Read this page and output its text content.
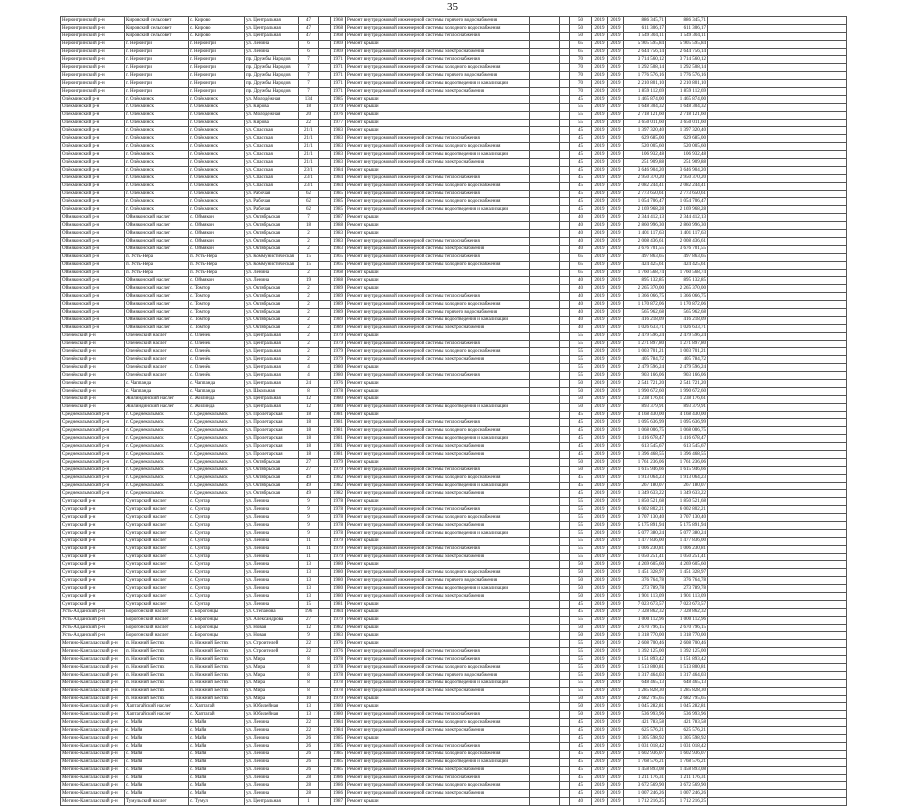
35
Нерюнгринский р-н	Кировский сельсовет	с. Кирово	ул. Центральная	47		1968	Ремонт внутридомовой инженерной системы горячего водоснабжения			50	2019	2019	886 345,71	886 345,71	
Нерюнгринский р-н	Кировский сельсовет	с. Кирово	ул. Центральная	47		1968	Ремонт внутридомовой инженерной системы холодного водоснабжения			50	2019	2019	611 306,17	611 306,17	
Нерюнгринский р-н	Кировский сельсовет	с. Кирово	ул. Центральная	47		1968	Ремонт внутридомовой инженерной системы теплоснабжения			50	2019	2019	1 549 304,11	1 549 304,11	
Нерюнгринский р-н	г. Нерюнгри	г. Нерюнгри	ул. Ленина	6		1969	Ремонт крыши			65	2019	2019	5 905 595,84	5 905 595,84	
Нерюнгринский р-н	г. Нерюнгри	г. Нерюнгри	ул. Ленина	6		1969	Ремонт внутридомовой инженерной системы электроснабжения			65	2019	2019	2 644 756,14	2 644 756,14	
Нерюнгринский р-н	г. Нерюнгри	г. Нерюнгри	пр. Дружбы Народов	7		1971	Ремонт внутридомовой инженерной системы теплоснабжения			70	2019	2019	3 714 560,12	3 714 560,12	
Нерюнгринский р-н	г. Нерюнгри	г. Нерюнгри	пр. Дружбы Народов	7		1971	Ремонт внутридомовой инженерной системы холодного водоснабжения			70	2019	2019	1 292 508,14	1 292 508,14	
Нерюнгринский р-н	г. Нерюнгри	г. Нерюнгри	пр. Дружбы Народов	7		1971	Ремонт внутридомовой инженерной системы горячего водоснабжения			70	2019	2019	1 776 576,16	1 776 576,16	
Нерюнгринский р-н	г. Нерюнгри	г. Нерюнгри	пр. Дружбы Народов	7		1971	Ремонт внутридомовой инженерной системы водоотведения и канализации			70	2019	2019	2 210 801,10	2 210 801,10	
Нерюнгринский р-н	г. Нерюнгри	г. Нерюнгри	пр. Дружбы Народов	7		1971	Ремонт внутридомовой инженерной системы электроснабжения			70	2019	2019	1 859 112,69	1 859 112,69	
Олёкминский р-н	г. Олёкминск	г. Олёкминск	ул. Молодёжная	134		1985	Ремонт крыши			45	2019	2019	1 465 874,00	1 465 874,00	
Олёкминский р-н	г. Олёкминск	г. Олёкминск	ул. Кирова	18		1979	Ремонт крыши			55	2019	2019	1 648 304,32	1 648 304,32	
Олёкминский р-н	г. Олёкминск	г. Олёкминск	ул. Молодёжная	20		1976	Ремонт крыши			55	2019	2019	2 718 121,60	2 718 121,60	
Олёкминский р-н	г. Олёкминск	г. Олёкминск	ул. Кирова	22		1977	Ремонт крыши			55	2019	2019	3 650 011,60	3 650 011,60	
Олёкминский р-н	г. Олёкминск	г. Олёкминск	ул. Спасская	21/1		1983	Ремонт крыши			45	2019	2019	1 397 320,40	1 397 320,40	
Олёкминский р-н	г. Олёкминск	г. Олёкминск	ул. Спасская	21/1		1983	Ремонт внутридомовой инженерной системы теплоснабжения			45	2019	2019	629 685,00	629 685,00	
Олёкминский р-н	г. Олёкминск	г. Олёкминск	ул. Спасская	21/1		1983	Ремонт внутридомовой инженерной системы холодного водоснабжения			45	2019	2019	520 005,60	520 005,60	
Олёкминский р-н	г. Олёкминск	г. Олёкминск	ул. Спасская	21/1		1983	Ремонт внутридомовой инженерной системы водоотведения и канализации			45	2019	2019	106 932,48	106 932,48	
Олёкминский р-н	г. Олёкминск	г. Олёкминск	ул. Спасская	21/1		1983	Ремонт внутридомовой инженерной системы электроснабжения			45	2019	2019	251 909,88	251 909,88	
Олёкминский р-н	г. Олёкминск	г. Олёкминск	ул. Спасская	23/1		1984	Ремонт крыши			45	2019	2019	3 646 904,20	3 646 904,20	
Олёкминский р-н	г. Олёкминск	г. Олёкминск	ул. Спасская	23/1		1984	Ремонт внутридомовой инженерной системы теплоснабжения			45	2019	2019	2 950 370,20	2 950 370,20	
Олёкминский р-н	г. Олёкминск	г. Олёкминск	ул. Спасская	23/1		1984	Ремонт внутридомовой инженерной системы холодного водоснабжения			45	2019	2019	2 082 244,41	2 082 244,41	
Олёкминский р-н	г. Олёкминск	г. Олёкминск	ул. Рабочая	62		1985	Ремонт внутридомовой инженерной системы теплоснабжения			45	2019	2019	2 773 650,61	2 773 650,61	
Олёкминский р-н	г. Олёкминск	г. Олёкминск	ул. Рабочая	62		1985	Ремонт внутридомовой инженерной системы холодного водоснабжения			45	2019	2019	1 054 706,47	1 054 706,47	
Олёкминский р-н	г. Олёкминск	г. Олёкминск	ул. Рабочая	62		1985	Ремонт внутридомовой инженерной системы водоотведения и канализации			45	2019	2019	2 169 968,28	2 169 968,28	
Оймяконский р-н	Оймяконский наслег	с. Оймякон	ул. Октябрьская	7		1987	Ремонт крыши			40	2019	2019	2 344 412,13	2 344 412,13	
Оймяконский р-н	Оймяконский наслег	с. Оймякон	ул. Октябрьская	18		1988	Ремонт крыши			40	2019	2019	2 860 996,30	2 860 996,30	
Оймяконский р-н	Оймяконский наслег	с. Оймякон	ул. Октябрьская	2		1983	Ремонт крыши			40	2019	2019	1 401 117,63	1 401 117,63	
Оймяконский р-н	Оймяконский наслег	с. Оймякон	ул. Октябрьская	2		1983	Ремонт внутридомовой инженерной системы теплоснабжения			40	2019	2019	2 008 436,61	2 008 436,61	
Оймяконский р-н	Оймяконский наслег	с. Оймякон	ул. Октябрьская	2		1983	Ремонт внутридомовой инженерной системы электроснабжения			40	2019	2019	3 676 701,55	3 676 701,55	
Оймяконский р-н	п. Усть-Нера	п. Усть-Нера	ул. Коммунистическая	15		1965	Ремонт внутридомовой инженерной системы теплоснабжения			65	2019	2019	497 863,65	497 863,65	
Оймяконский р-н	п. Усть-Нера	п. Усть-Нера	ул. Коммунистическая	15		1965	Ремонт внутридомовой инженерной системы холодного водоснабжения			65	2019	2019	424 425,61	424 425,61	
Оймяконский р-н	п. Усть-Нера	п. Усть-Нера	ул. Ленина	2		1968	Ремонт крыши			65	2019	2019	1 760 568,74	1 760 568,74	
Оймяконский р-н	Оймяконский наслег	с. Оймякон	ул. Ленина	19		1988	Ремонт крыши			40	2019	2019	895 132,85	895 132,85	
Оймяконский р-н	Оймяконский наслег	с. Томтор	ул. Октябрьская	2		1989	Ремонт крыши			40	2019	2019	2 265 370,00	2 265 370,00	
Оймяконский р-н	Оймяконский наслег	с. Томтор	ул. Октябрьская	2		1989	Ремонт внутридомовой инженерной системы теплоснабжения			40	2019	2019	1 366 066,75	1 366 066,75	
Оймяконский р-н	Оймяконский наслег	с. Томтор	ул. Октябрьская	2		1989	Ремонт внутридомовой инженерной системы холодного водоснабжения			40	2019	2019	1 170 872,06	1 170 872,06	
Оймяконский р-н	Оймяконский наслег	с. Томтор	ул. Октябрьская	2		1989	Ремонт внутридомовой инженерной системы горячего водоснабжения			40	2019	2019	565 962,68	565 962,68	
Оймяконский р-н	Оймяконский наслег	с. Томтор	ул. Октябрьская	2		1989	Ремонт внутридомовой инженерной системы водоотведения и канализации			40	2019	2019	416 218,09	416 218,09	
Оймяконский р-н	Оймяконский наслег	с. Томтор	ул. Октябрьская	2		1989	Ремонт внутридомовой инженерной системы электроснабжения			40	2019	2019	1 026 633,71	1 026 633,71	
Оленёкский р-н	Оленёкский наслег	с. Оленёк	ул. Центральная	2		1979	Ремонт крыши			55	2019	2019	2 479 596,24	2 479 596,24	
Оленёкский р-н	Оленёкский наслег	с. Оленёк	ул. Центральная	2		1979	Ремонт внутридомовой инженерной системы теплоснабжения			55	2019	2019	1 271 897,80	1 271 897,80	
Оленёкский р-н	Оленёкский наслег	с. Оленёк	ул. Центральная	2		1979	Ремонт внутридомовой инженерной системы холодного водоснабжения			55	2019	2019	1 003 701,21	1 003 701,21	
Оленёкский р-н	Оленёкский наслег	с. Оленёк	ул. Центральная	2		1979	Ремонт внутридомовой инженерной системы электроснабжения			55	2019	2019	405 784,72	405 784,72	
Оленёкский р-н	Оленёкский наслег	с. Оленёк	ул. Центральная	4		1980	Ремонт крыши			55	2019	2019	2 479 596,24	2 479 596,24	
Оленёкский р-н	Оленёкский наслег	с. Оленёк	ул. Центральная	4		1980	Ремонт внутридомовой инженерной системы теплоснабжения			55	2019	2019	903 166,06	903 166,06	
Оленёкский р-н	с. Чаппанда	с. Чаппанда	ул. Центральная	24		1976	Ремонт крыши			50	2019	2019	2 541 721,20	2 541 721,20	
Оленёкский р-н	с. Чаппанда	с. Чаппанда	ул. Школьная	8		1978	Ремонт крыши			50	2019	2019	1 990 672,60	1 990 672,60	
Оленёкский р-н	Жилиндинский наслег	с. Жилинда	ул. Центральная	12		1980	Ремонт крыши			50	2019	2019	1 238 176,61	1 238 176,61	
Оленёкский р-н	Жилиндинский наслег	с. Жилинда	ул. Центральная	12		1980	Ремонт внутридомовой инженерной системы водоотведения и канализации			50	2019	2019	893 379,91	893 379,91	
Среднеколымский р-н	г. Среднеколымск	г. Среднеколымск	ул. Пролетарская	18		1981	Ремонт крыши			45	2019	2019	4 168 430,00	4 168 430,00	
Среднеколымский р-н	г. Среднеколымск	г. Среднеколымск	ул. Пролетарская	18		1981	Ремонт внутридомовой инженерной системы теплоснабжения			45	2019	2019	1 095 636,99	1 095 636,99	
Среднеколымский р-н	г. Среднеколымск	г. Среднеколымск	ул. Пролетарская	18		1981	Ремонт внутридомовой инженерной системы холодного водоснабжения			45	2019	2019	1 068 006,75	1 068 006,75	
Среднеколымский р-н	г. Среднеколымск	г. Среднеколымск	ул. Пролетарская	18		1981	Ремонт внутридомовой инженерной системы водоотведения и канализации			45	2019	2019	1 416 678,47	1 416 678,47	
Среднеколымский р-н	г. Среднеколымск	г. Среднеколымск	ул. Пролетарская	18		1981	Ремонт внутридомовой инженерной системы электроснабжения			45	2019	2019	613 545,67	613 545,67	
Среднеколымский р-н	г. Среднеколымск	г. Среднеколымск	ул. Пролетарская	18		1981	Ремонт внутридомовой инженерной системы электроснабжения			45	2019	2019	1 396 468,55	1 396 468,55	
Среднеколымский р-н	г. Среднеколымск	г. Среднеколымск	ул. Октябрьская	27		1979	Ремонт крыши			50	2019	2019	1 761 236,06	1 761 236,06	
Среднеколымский р-н	г. Среднеколымск	г. Среднеколымск	ул. Октябрьская	27		1979	Ремонт внутридомовой инженерной системы теплоснабжения			50	2019	2019	1 615 946,66	1 615 946,66	
Среднеколымский р-н	г. Среднеколымск	г. Среднеколымск	ул. Октябрьская	49		1982	Ремонт внутридомовой инженерной системы холодного водоснабжения			45	2019	2019	1 913 064,23	1 913 064,23	
Среднеколымский р-н	г. Среднеколымск	г. Среднеколымск	ул. Октябрьская	49		1982	Ремонт внутридомовой инженерной системы водоотведения и канализации			45	2019	2019	267 180,07	267 180,07	
Среднеколымский р-н	г. Среднеколымск	г. Среднеколымск	ул. Октябрьская	49		1982	Ремонт внутридомовой инженерной системы электроснабжения			45	2019	2019	1 349 633,22	1 349 633,22	
Сунтарский р-н	Сунтарский наслег	с. Сунтар	ул. Ленина	9		1978	Ремонт крыши			55	2019	2019	1 850 521,68	1 850 521,68	
Сунтарский р-н	Сунтарский наслег	с. Сунтар	ул. Ленина	9		1978	Ремонт внутридомовой инженерной системы теплоснабжения			55	2019	2019	6 002 802,21	6 002 802,21	
Сунтарский р-н	Сунтарский наслег	с. Сунтар	ул. Ленина	9		1978	Ремонт внутридомовой инженерной системы холодного водоснабжения			55	2019	2019	3 707 130,40	3 707 130,40	
Сунтарский р-н	Сунтарский наслег	с. Сунтар	ул. Ленина	9		1978	Ремонт внутридомовой инженерной системы электроснабжения			55	2019	2019	5 175 891,94	5 175 891,94	
Сунтарский р-н	Сунтарский наслег	с. Сунтар	ул. Ленина	9		1978	Ремонт внутридомовой инженерной системы водоотведения и канализации			55	2019	2019	5 077 380,24	5 077 380,24	
Сунтарский р-н	Сунтарский наслег	с. Сунтар	ул. Ленина	11		1979	Ремонт крыши			55	2019	2019	1 477 836,00	1 477 836,00	
Сунтарский р-н	Сунтарский наслег	с. Сунтар	ул. Ленина	11		1979	Ремонт внутридомовой инженерной системы теплоснабжения			55	2019	2019	1 006 230,81	1 006 230,81	
Сунтарский р-н	Сунтарский наслег	с. Сунтар	ул. Ленина	11		1979	Ремонт внутридомовой инженерной системы электроснабжения			55	2019	2019	1 050 251,41	1 050 251,41	
Сунтарский р-н	Сунтарский наслег	с. Сунтар	ул. Ленина	13		1980	Ремонт крыши			50	2019	2019	4 269 605,60	4 269 605,60	
Сунтарский р-н	Сунтарский наслег	с. Сунтар	ул. Ленина	13		1980	Ремонт внутридомовой инженерной системы холодного водоснабжения			50	2019	2019	1 451 328,97	1 451 328,97	
Сунтарский р-н	Сунтарский наслег	с. Сунтар	ул. Ленина	13		1980	Ремонт внутридомовой инженерной системы горячего водоснабжения			50	2019	2019	376 764,78	376 764,78	
Сунтарский р-н	Сунтарский наслег	с. Сунтар	ул. Ленина	13		1980	Ремонт внутридомовой инженерной системы водоотведения и канализации			50	2019	2019	273 789,78	273 789,78	
Сунтарский р-н	Сунтарский наслег	с. Сунтар	ул. Ленина	13		1980	Ремонт внутридомовой инженерной системы электроснабжения			50	2019	2019	1 901 113,09	1 901 113,09	
Сунтарский р-н	Сунтарский наслег	с. Сунтар	ул. Ленина	15		1981	Ремонт крыши			45	2019	2019	7 023 673,57	7 023 673,57	
Усть-Алданский р-н	Борогонский наслег	с. Борогонцы	ул. Степанова	196		1984	Ремонт крыши			45	2019	2019	7 328 862,32	7 328 862,32	
Усть-Алданский р-н	Борогонский наслег	с. Борогонцы	ул. Александрова	27		1979	Ремонт крыши			55	2019	2019	1 000 112,96	1 000 112,96	
Усть-Алданский р-н	Борогонский наслег	с. Борогонцы	ул. Новая	12		1982	Ремонт крыши			50	2019	2019	2 670 796,15	2 670 796,15	
Усть-Алданский р-н	Борогонский наслег	с. Борогонцы	ул. Новая	9		1983	Ремонт крыши			50	2019	2019	1 318 770,00	1 318 770,00	
Мегино-Кангаласский р-н	п. Нижний Бестях	п. Нижний Бестях	ул. Строителей	22		1976	Ремонт крыши			55	2019	2019	2 608 700,46	2 608 700,46	
Мегино-Кангаласский р-н	п. Нижний Бестях	п. Нижний Бестях	ул. Строителей	22		1976	Ремонт внутридомовой инженерной системы теплоснабжения			55	2019	2019	1 392 125,00	1 392 125,00	
Мегино-Кангаласский р-н	п. Нижний Бестях	п. Нижний Бестях	ул. Мира	8		1978	Ремонт внутридомовой инженерной системы теплоснабжения			55	2019	2019	1 151 893,42	1 151 893,42	
Мегино-Кангаласский р-н	п. Нижний Бестях	п. Нижний Бестях	ул. Мира	8		1978	Ремонт внутридомовой инженерной системы холодного водоснабжения			55	2019	2019	1 513 800,81	1 513 800,81	
Мегино-Кангаласский р-н	п. Нижний Бестях	п. Нижний Бестях	ул. Мира	8		1978	Ремонт внутридомовой инженерной системы горячего водоснабжения			55	2019	2019	1 317 464,03	1 317 464,03	
Мегино-Кангаласский р-н	п. Нижний Бестях	п. Нижний Бестях	ул. Мира	8		1978	Ремонт внутридомовой инженерной системы водоотведения и канализации			55	2019	2019	648 465,13	648 465,13	
Мегино-Кангаласский р-н	п. Нижний Бестях	п. Нижний Бестях	ул. Мира	8		1978	Ремонт внутридомовой инженерной системы электроснабжения			55	2019	2019	1 285 828,30	1 285 828,30	
Мегино-Кангаласский р-н	п. Нижний Бестях	п. Нижний Бестях	ул. Мира	10		1979	Ремонт крыши			50	2019	2019	2 682 795,65	2 682 795,65	
Мегино-Кангаласский р-н	Хаптагайский наслег	с. Хаптагай	ул. Юбилейная	13		1980	Ремонт крыши			50	2019	2019	1 045 282,81	1 045 282,81	
Мегино-Кангаласский р-н	Хаптагайский наслег	с. Хаптагай	ул. Юбилейная	13		1980	Ремонт внутридомовой инженерной системы теплоснабжения			50	2019	2019	536 993,96	536 993,96	
Мегино-Кангаласский р-н	с. Майя	с. Майя	ул. Ленина	22		1984	Ремонт внутридомовой инженерной системы холодного водоснабжения			45	2019	2019	421 783,58	421 783,58	
Мегино-Кангаласский р-н	с. Майя	с. Майя	ул. Ленина	22		1984	Ремонт внутридомовой инженерной системы электроснабжения			45	2019	2019	625 576,21	625 576,21	
Мегино-Кангаласский р-н	с. Майя	с. Майя	ул. Ленина	26		1985	Ремонт крыши			45	2019	2019	1 305 598,92	1 305 598,92	
Мегино-Кангаласский р-н	с. Майя	с. Майя	ул. Ленина	26		1985	Ремонт внутридомовой инженерной системы теплоснабжения			45	2019	2019	1 031 018,42	1 031 018,42	
Мегино-Кангаласский р-н	с. Майя	с. Майя	ул. Ленина	26		1985	Ремонт внутридомовой инженерной системы холодного водоснабжения			45	2019	2019	1 602 936,07	1 602 936,07	
Мегино-Кангаласский р-н	с. Майя	с. Майя	ул. Ленина	26		1985	Ремонт внутридомовой инженерной системы водоотведения и канализации			45	2019	2019	1 768 576,21	1 768 576,21	
Мегино-Кангаласский р-н	с. Майя	с. Майя	ул. Ленина	26		1985	Ремонт внутридомовой инженерной системы электроснабжения			45	2019	2019	1 458 893,08	1 458 893,08	
Мегино-Кангаласский р-н	с. Майя	с. Майя	ул. Ленина	28		1986	Ремонт внутридомовой инженерной системы теплоснабжения			45	2019	2019	1 211 176,31	1 211 176,31	
Мегино-Кангаласский р-н	с. Майя	с. Майя	ул. Ленина	28		1986	Ремонт внутридомовой инженерной системы холодного водоснабжения			45	2019	2019	3 672 569,90	3 672 569,90	
Мегино-Кангаласский р-н	с. Майя	с. Майя	ул. Ленина	28		1986	Ремонт внутридомовой инженерной системы электроснабжения			45	2019	2019	1 007 246,26	1 007 246,26	
Мегино-Кангаласский р-н	Тумульский наслег	с. Тумул	ул. Центральная	1		1987	Ремонт крыши			40	2019	2019	1 712 216,25	1 712 216,25	
